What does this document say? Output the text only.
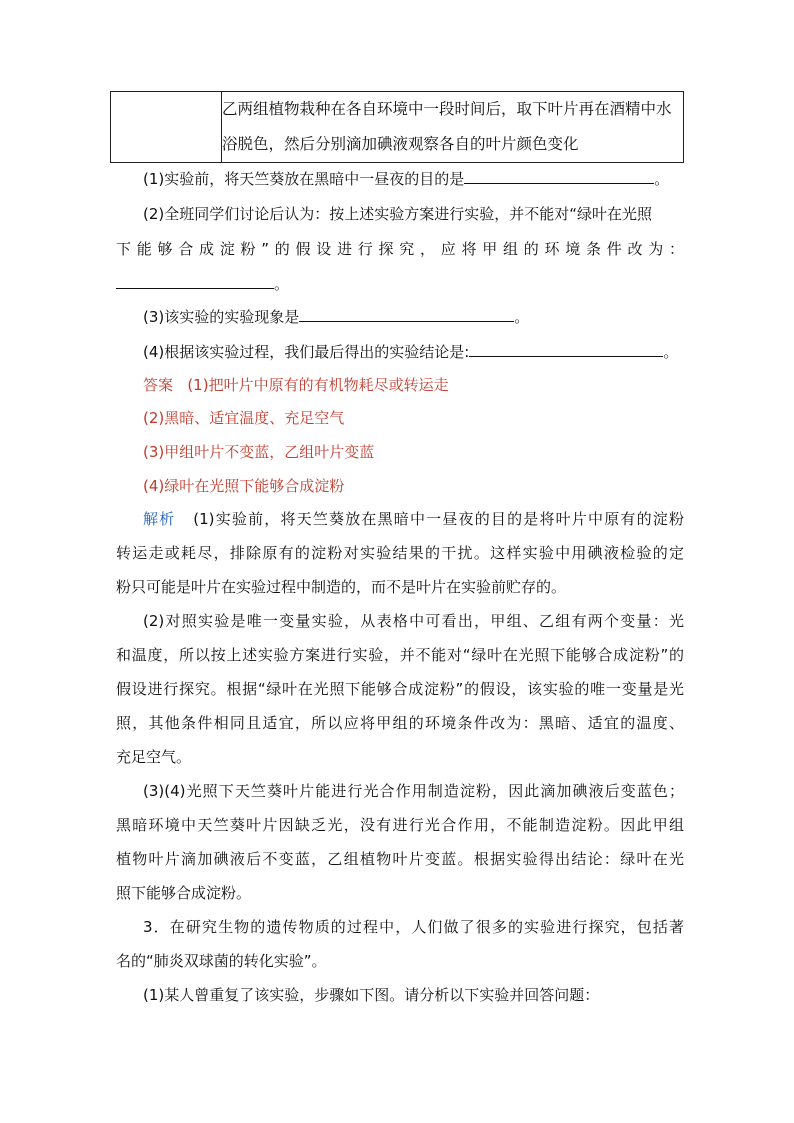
	乙两组植物栽种在各自环境中一段时间后，取下叶片再在酒精中水浴脱色，然后分别滴加碘液观察各自的叶片颜色变化
(1)实验前，将天竺葵放在黑暗中一昼夜的目的是	。
(2)全班同学们讨论后认为：按上述实验方案进行实验，并不能对“绿叶在光照
下能够合成淀粉”的假设进行探究，应将甲组的环境条件改为：
。
(3)该实验的实验现象是	。
(4)根据该实验过程，我们最后得出的实验结论是:	。
答案 (1)把叶片中原有的有机物耗尽或转运走
(2)黑暗、适宜温度、充足空气
(3)甲组叶片不变蓝，乙组叶片变蓝
(4)绿叶在光照下能够合成淀粉
解析 (1)实验前，将天竺葵放在黑暗中一昼夜的目的是将叶片中原有的淀粉
转运走或耗尽，排除原有的淀粉对实验结果的干扰。这样实验中用碘液检验的定
粉只可能是叶片在实验过程中制造的，而不是叶片在实验前贮存的。
(2)对照实验是唯一变量实验，从表格中可看出，甲组、乙组有两个变量：光
和温度，所以按上述实验方案进行实验，并不能对“绿叶在光照下能够合成淀粉”的
假设进行探究。根据“绿叶在光照下能够合成淀粉”的假设，该实验的唯一变量是光
照，其他条件相同且适宜，所以应将甲组的环境条件改为：黑暗、适宜的温度、
充足空气。
(3)(4)光照下天竺葵叶片能进行光合作用制造淀粉，因此滴加碘液后变蓝色；
黑暗环境中天竺葵叶片因缺乏光，没有进行光合作用，不能制造淀粉。因此甲组
植物叶片滴加碘液后不变蓝，乙组植物叶片变蓝。根据实验得出结论：绿叶在光
照下能够合成淀粉。
3．在研究生物的遗传物质的过程中，人们做了很多的实验进行探究，包括著
名的“肺炎双球菌的转化实验”。
(1)某人曾重复了该实验，步骤如下图。请分析以下实验并回答问题：
